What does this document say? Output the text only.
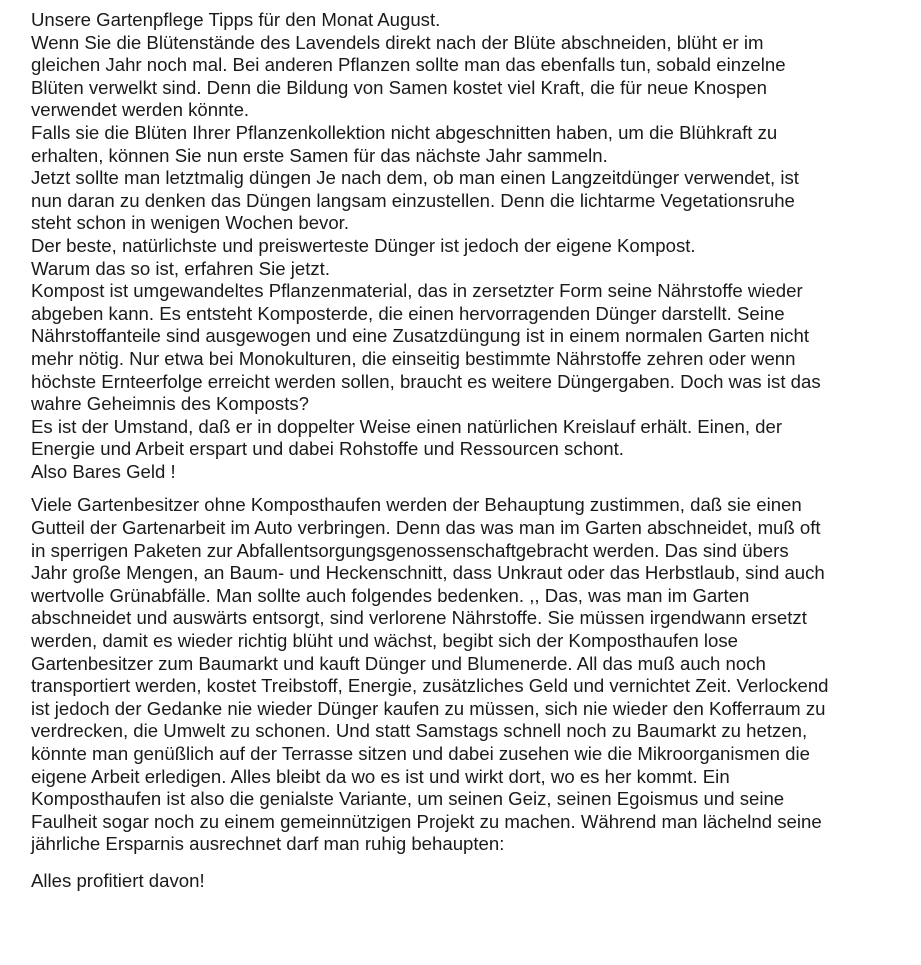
Unsere Gartenpflege Tipps für den Monat August.
Wenn Sie die Blütenstände des Lavendels direkt nach der Blüte abschneiden, blüht er im
gleichen Jahr noch mal. Bei anderen Pflanzen sollte man das ebenfalls tun, sobald einzelne
Blüten verwelkt sind. Denn die Bildung von Samen kostet viel Kraft, die für neue Knospen
verwendet werden könnte.
Falls sie die Blüten Ihrer Pflanzenkollektion nicht abgeschnitten haben, um die Blühkraft zu
erhalten, können Sie nun erste Samen für das nächste Jahr sammeln.
Jetzt sollte man letztmalig düngen Je nach dem, ob man einen Langzeitdünger verwendet, ist
nun daran zu denken das Düngen langsam einzustellen. Denn die lichtarme Vegetationsruhe
steht schon in wenigen Wochen bevor.
Der beste, natürlichste und preiswerteste Dünger ist jedoch der eigene Kompost.
Warum das so ist, erfahren Sie jetzt.
Kompost ist umgewandeltes Pflanzenmaterial, das in zersetzter Form seine Nährstoffe wieder
abgeben kann. Es entsteht Komposterde, die einen hervorragenden Dünger darstellt. Seine
Nährstoffanteile sind ausgewogen und eine Zusatzdüngung ist in einem normalen Garten nicht
mehr nötig. Nur etwa bei Monokulturen, die einseitig bestimmte Nährstoffe zehren oder wenn
höchste Ernteerfolge erreicht werden sollen, braucht es weitere Düngergaben. Doch was ist das
wahre Geheimnis des Komposts?
Es ist der Umstand, daß er in doppelter Weise einen natürlichen Kreislauf erhält. Einen, der
Energie und Arbeit erspart und dabei Rohstoffe und Ressourcen schont.
Also Bares Geld !
Viele Gartenbesitzer ohne Komposthaufen werden der Behauptung zustimmen, daß sie einen
Gutteil der Gartenarbeit im Auto verbringen. Denn das was man im Garten abschneidet, muß oft
in sperrigen Paketen zur Abfallentsorgungsgenossenschaftgebracht werden. Das sind übers
Jahr große Mengen, an Baum- und Heckenschnitt, dass Unkraut oder das Herbstlaub, sind auch
wertvolle Grünabfälle. Man sollte auch folgendes bedenken. ,, Das, was man im Garten
abschneidet und auswärts entsorgt, sind verlorene Nährstoffe. Sie müssen irgendwann ersetzt
werden, damit es wieder richtig blüht und wächst, begibt sich der Komposthaufen lose
Gartenbesitzer zum Baumarkt und kauft Dünger und Blumenerde. All das muß auch noch
transportiert werden, kostet Treibstoff, Energie, zusätzliches Geld und vernichtet Zeit. Verlockend
ist jedoch der Gedanke nie wieder Dünger kaufen zu müssen, sich nie wieder den Kofferraum zu
verdrecken, die Umwelt zu schonen. Und statt Samstags schnell noch zu Baumarkt zu hetzen,
könnte man genüßlich auf der Terrasse sitzen und dabei zusehen wie die Mikroorganismen die
eigene Arbeit erledigen. Alles bleibt da wo es ist und wirkt dort, wo es her kommt. Ein
Komposthaufen ist also die genialste Variante, um seinen Geiz, seinen Egoismus und seine
Faulheit sogar noch zu einem gemeinnützigen Projekt zu machen. Während man lächelnd seine
jährliche Ersparnis ausrechnet darf man ruhig behaupten:
Alles profitiert davon!
